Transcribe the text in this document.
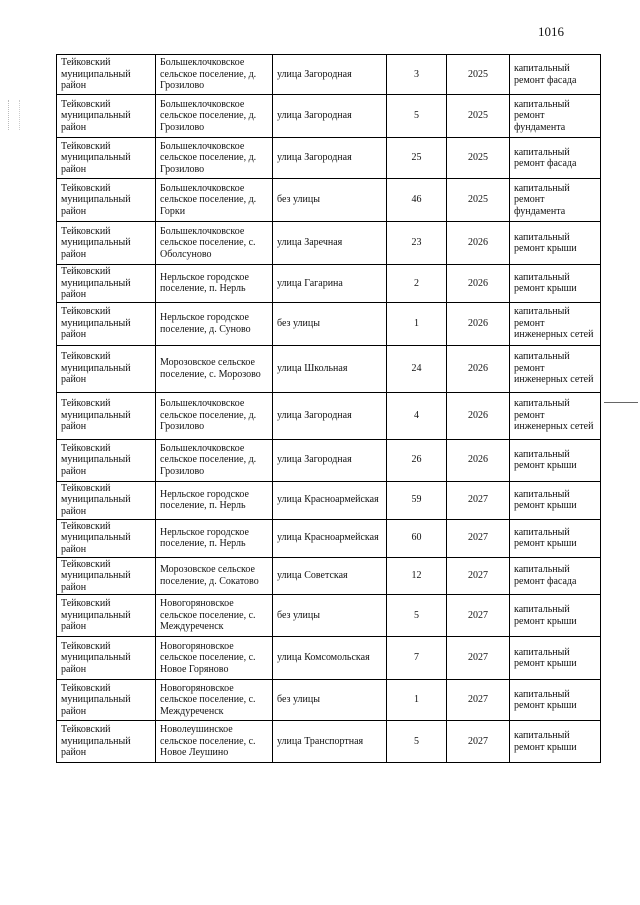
1016
Тейковский муниципальный район	Большеклочковское сельское поселение, д. Грозилово	улица Загородная	3	2025	капитальный ремонт фасада
Тейковский муниципальный район	Большеклочковское сельское поселение, д. Грозилово	улица Загородная	5	2025	капитальный ремонт фундамента
Тейковский муниципальный район	Большеклочковское сельское поселение, д. Грозилово	улица Загородная	25	2025	капитальный ремонт фасада
Тейковский муниципальный район	Большеклочковское сельское поселение, д. Горки	без улицы	46	2025	капитальный ремонт фундамента
Тейковский муниципальный район	Большеклочковское сельское поселение, с. Оболсуново	улица Заречная	23	2026	капитальный ремонт крыши
Тейковский муниципальный район	Нерльское городское поселение, п. Нерль	улица Гагарина	2	2026	капитальный ремонт крыши
Тейковский муниципальный район	Нерльское городское поселение, д. Суново	без улицы	1	2026	капитальный ремонт инженерных сетей
Тейковский муниципальный район	Морозовское сельское поселение, с. Морозово	улица Школьная	24	2026	капитальный ремонт инженерных сетей
Тейковский муниципальный район	Большеклочковское сельское поселение, д. Грозилово	улица Загородная	4	2026	капитальный ремонт инженерных сетей
Тейковский муниципальный район	Большеклочковское сельское поселение, д. Грозилово	улица Загородная	26	2026	капитальный ремонт крыши
Тейковский муниципальный район	Нерльское городское поселение, п. Нерль	улица Красноармейская	59	2027	капитальный ремонт крыши
Тейковский муниципальный район	Нерльское городское поселение, п. Нерль	улица Красноармейская	60	2027	капитальный ремонт крыши
Тейковский муниципальный район	Морозовское сельское поселение, д. Сокатово	улица Советская	12	2027	капитальный ремонт фасада
Тейковский муниципальный район	Новогоряновское сельское поселение, с. Междуреченск	без улицы	5	2027	капитальный ремонт крыши
Тейковский муниципальный район	Новогоряновское сельское поселение, с. Новое Горяново	улица Комсомольская	7	2027	капитальный ремонт крыши
Тейковский муниципальный район	Новогоряновское сельское поселение, с. Междуреченск	без улицы	1	2027	капитальный ремонт крыши
Тейковский муниципальный район	Новолеушинское сельское поселение, с. Новое Леушино	улица Транспортная	5	2027	капитальный ремонт крыши
